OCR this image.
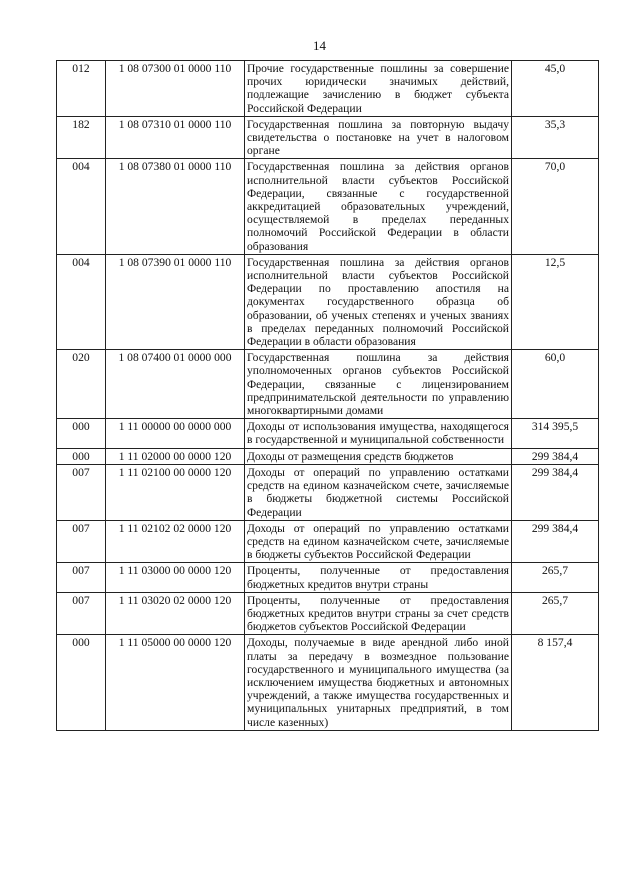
14
012	1 08 07300 01 0000 110	Прочие государственные пошлины за совершение прочих юридически значимых действий, подлежащие зачислению в бюджет субъекта Российской Федерации	45,0
182	1 08 07310 01 0000 110	Государственная пошлина за повторную выдачу свидетельства о постановке на учет в налоговом органе	35,3
004	1 08 07380 01 0000 110	Государственная пошлина за действия органов исполнительной власти субъектов Российской Федерации, связанные с государственной аккредитацией образовательных учреждений, осуществляемой в пределах переданных полномочий Российской Федерации в области образования	70,0
004	1 08 07390 01 0000 110	Государственная пошлина за действия органов исполнительной власти субъектов Российской Федерации по проставлению апостиля на документах государственного образца об образовании, об ученых степенях и ученых званиях в пределах переданных полномочий Российской Федерации в области образования	12,5
020	1 08 07400 01 0000 000	Государственная пошлина за действия уполномоченных органов субъектов Российской Федерации, связанные с лицензированием предпринимательской деятельности по управлению многоквартирными домами	60,0
000	1 11 00000 00 0000 000	Доходы от использования имущества, находящегося в государственной и муниципальной собственности	314 395,5
000	1 11 02000 00 0000 120	Доходы от размещения средств бюджетов	299 384,4
007	1 11 02100 00 0000 120	Доходы от операций по управлению остатками средств на едином казначейском счете, зачисляемые в бюджеты бюджетной системы Российской Федерации	299 384,4
007	1 11 02102 02 0000 120	Доходы от операций по управлению остатками средств на едином казначейском счете, зачисляемые в бюджеты субъектов Российской Федерации	299 384,4
007	1 11 03000 00 0000 120	Проценты, полученные от предоставления бюджетных кредитов внутри страны	265,7
007	1 11 03020 02 0000 120	Проценты, полученные от предоставления бюджетных кредитов внутри страны за счет средств бюджетов субъектов Российской Федерации	265,7
000	1 11 05000 00 0000 120	Доходы, получаемые в виде арендной либо иной платы за передачу в возмездное пользование государственного и муниципального имущества (за исключением имущества бюджетных и автономных учреждений, а также имущества государственных и муниципальных унитарных предприятий, в том числе казенных)	8 157,4
